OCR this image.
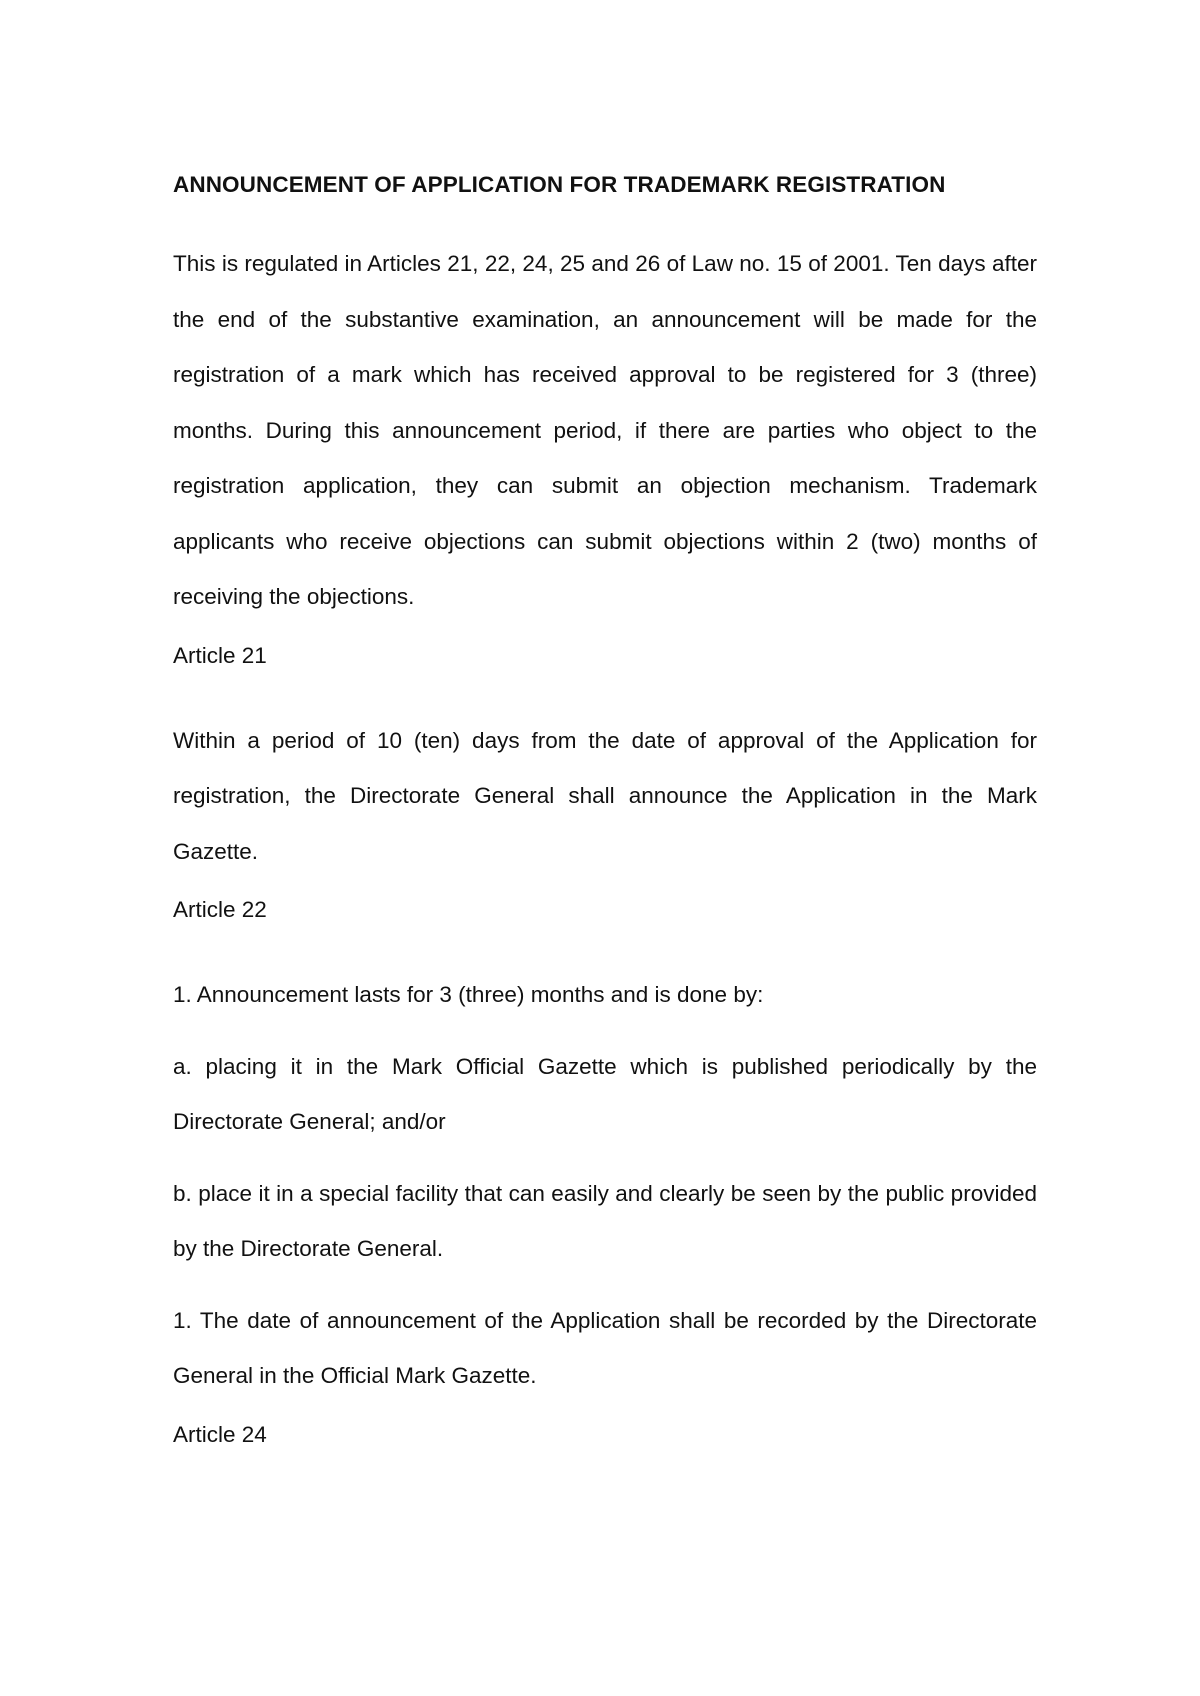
ANNOUNCEMENT OF APPLICATION FOR TRADEMARK REGISTRATION
This is regulated in Articles 21, 22, 24, 25 and 26 of Law no. 15 of 2001. Ten days after the end of the substantive examination, an announcement will be made for the registration of a mark which has received approval to be registered for 3 (three) months. During this announcement period, if there are parties who object to the registration application, they can submit an objection mechanism. Trademark applicants who receive objections can submit objections within 2 (two) months of receiving the objections.
Article 21
Within a period of 10 (ten) days from the date of approval of the Application for registration, the Directorate General shall announce the Application in the Mark Gazette.
Article 22
1. Announcement lasts for 3 (three) months and is done by:
a. placing it in the Mark Official Gazette which is published periodically by the Directorate General; and/or
b. place it in a special facility that can easily and clearly be seen by the public provided by the Directorate General.
1. The date of announcement of the Application shall be recorded by the Directorate General in the Official Mark Gazette.
Article 24
